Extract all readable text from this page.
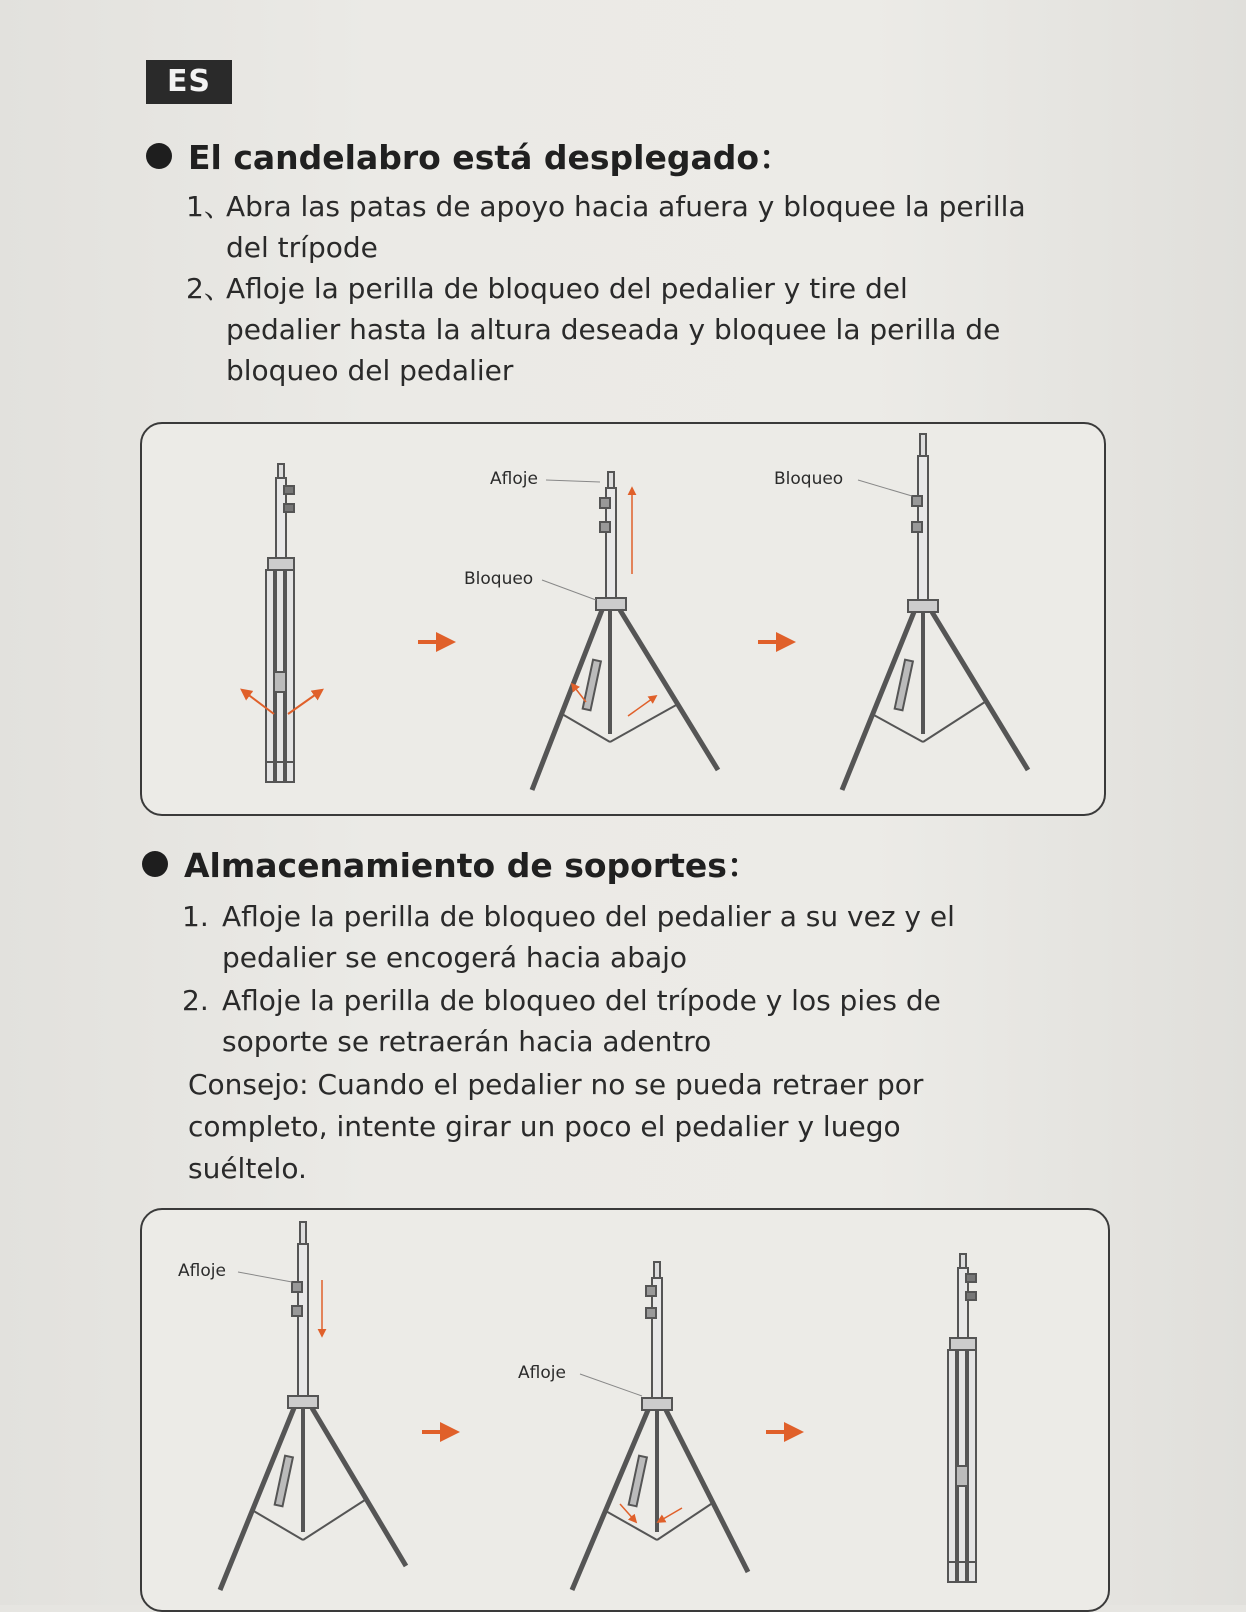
ES
El candelabro está desplegado：
1、
Abra las patas de apoyo hacia afuera y bloquee la perilla
del trípode
2、
Afloje la perilla de bloqueo del pedalier y tire del
pedalier hasta la altura deseada y bloquee la perilla de
bloqueo del pedalier
Afloje
Bloqueo
Bloqueo
Almacenamiento de soportes：
1. Afloje la perilla de bloqueo del pedalier a su vez y el
pedalier se encogerá hacia abajo
2. Afloje la perilla de bloqueo del trípode y los pies de
soporte se retraerán hacia adentro
Consejo: Cuando el pedalier no se pueda retraer por
completo, intente girar un poco el pedalier y luego
suéltelo.
Afloje
Afloje
